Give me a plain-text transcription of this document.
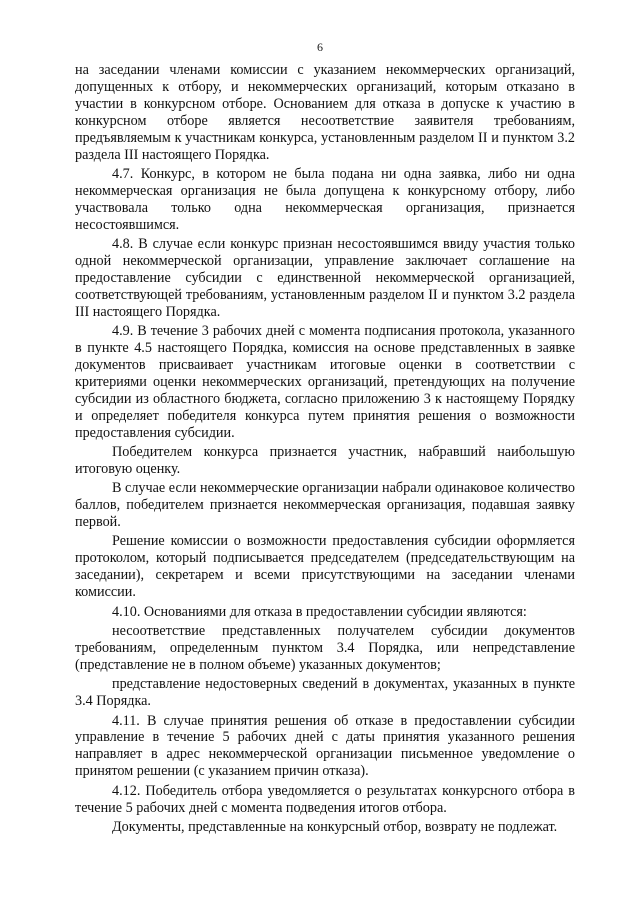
6

на заседании членами комиссии с указанием некоммерческих организаций, допущенных к отбору, и некоммерческих организаций, которым отказано в участии в конкурсном отборе. Основанием для отказа в допуске к участию в конкурсном отборе является несоответствие заявителя требованиям, предъявляемым к участникам конкурса, установленным разделом II и пунктом 3.2 раздела III настоящего Порядка.

4.7. Конкурс, в котором не была подана ни одна заявка, либо ни одна некоммерческая организация не была допущена к конкурсному отбору, либо участвовала только одна некоммерческая организация, признается несостоявшимся.

4.8. В случае если конкурс признан несостоявшимся ввиду участия только одной некоммерческой организации, управление заключает соглашение на предоставление субсидии с единственной некоммерческой организацией, соответствующей требованиям, установленным разделом II и пунктом 3.2 раздела III настоящего Порядка.

4.9. В течение 3 рабочих дней с момента подписания протокола, указанного в пункте 4.5 настоящего Порядка, комиссия на основе представленных в заявке документов присваивает участникам итоговые оценки в соответствии с критериями оценки некоммерческих организаций, претендующих на получение субсидии из областного бюджета, согласно приложению 3 к настоящему Порядку и определяет победителя конкурса путем принятия решения о возможности предоставления субсидии.

Победителем конкурса признается участник, набравший наибольшую итоговую оценку.

В случае если некоммерческие организации набрали одинаковое количество баллов, победителем признается некоммерческая организация, подавшая заявку первой.

Решение комиссии о возможности предоставления субсидии оформляется протоколом, который подписывается председателем (председательствующим на заседании), секретарем и всеми присутствующими на заседании членами комиссии.

4.10. Основаниями для отказа в предоставлении субсидии являются:

несоответствие представленных получателем субсидии документов требованиям, определенным пунктом 3.4 Порядка, или непредставление (представление не в полном объеме) указанных документов;

представление недостоверных сведений в документах, указанных в пункте 3.4 Порядка.

4.11. В случае принятия решения об отказе в предоставлении субсидии управление в течение 5 рабочих дней с даты принятия указанного решения направляет в адрес некоммерческой организации письменное уведомление о принятом решении (с указанием причин отказа).

4.12. Победитель отбора уведомляется о результатах конкурсного отбора в течение 5 рабочих дней с момента подведения итогов отбора.

Документы, представленные на конкурсный отбор, возврату не подлежат.
